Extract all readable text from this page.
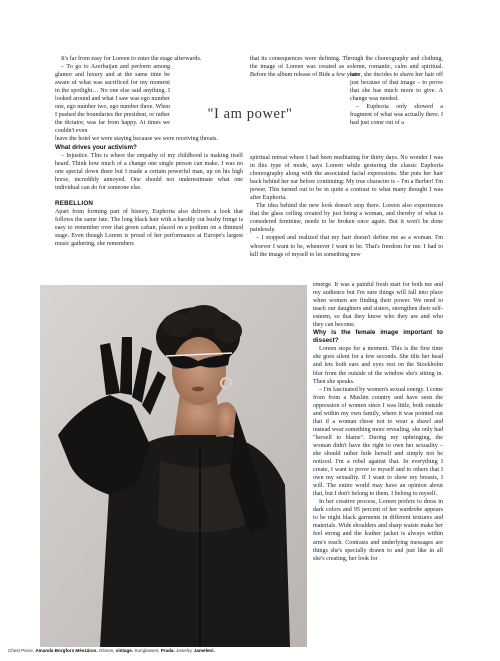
It's far from easy for Loreen to enter the stage afterwards.

– To go to Azerbaijan and perform among glamor and luxury and at the same time be aware of what was sacrificed for my moment in the spotlight… No one else said anything. I looked around and what I saw was ego number one, ego number two, ego number three. When I pushed the boundaries the president, or rather the dictator, was far from happy. At times we couldn't even

leave the hotel we were staying because we were receiving threats.

What drives your activism?

– Injustice. This is where the empathy of my childhood is making itself heard. Think how much of a change one single person can make. I was no one special down there but I made a certain powerful man, up on his high horse, incredibly annoyed. One should not underestimate what one individual can do for someone else.

REBELLION

Apart from forming part of history, Euphoria also delivers a look that follows the same fate. The long black hair with a harshly cut bushy fringe is easy to remember over that green caftan, placed on a podium on a dimmed stage. Even though Loreen is proud of her performance at Europe's largest music gathering, she remembers

"I am power"

that its consequences were defining. Through the choreography and clothing, the image of Loreen was created as solemn, romantic, calm and spiritual. Before the album release of Ride a few years

later, she decides to shave her hair off just because of that image – to prove that she has much more to give. A change was needed.

– Euphoria only showed a fragment of what was actually there. I had just come out of a

spiritual retreat where I had been meditating for thirty days. No wonder I was in this type of mode, says Loreen while gesturing the classic Euphoria choreography along with the associated facial expressions. She puts her hair back behind her ear before continuing: My true character is – I'm a Berber! I'm power. This turned out to be in quite a contrast to what many thought I was after Euphoria.

The idea behind the new look doesn't stop there. Loreen also experiences that the glass ceiling created by just being a woman, and thereby of what is considered feminine, needs to be broken once again. But it won't be done painlessly.

– I stopped and realized that my hair doesn't define me as a woman. I'm whoever I want to be, whenever I want to be. That's freedom for me. I had to kill the image of myself to let something new

emerge. It was a painful fresh start for both me and my audience but I'm sure things will fall into place when women are finding their power. We need to teach our daughters and sisters, strengthen their self-esteem, so that they know who they are and who they can become.

Why is the female image important to dissect?

Loreen stops for a moment. This is the first time she goes silent for a few seconds. She tilts her head and lets both ears and eyes rest on the Stockholm blur from the outside of the window she's sitting in. Then she speaks.

– I'm fascinated by women's sexual energy. I come from from a Muslim country and have seen the oppression of women since I was little, both outside and within my own family, where it was pointed out that if a woman chose not to wear a shawl and instead wear something more revealing, she only had "herself to blame". During my upbringing, the woman didn't have the right to own her sexuality – she should rather hide herself and simply not be noticed. I'm a rebel against that. In everything I create, I want to prove to myself and to others that I own my sexuality. If I want to show my breasts, I will. The entire world may have an opinion about that, but I don't belong to them. I belong to myself.

In her creative process, Loreen prefers to dress in dark colors and 95 percent of her wardrobe appears to be night black garments in different textures and materials. Wide shoulders and sharp waists make her feel strong and the leather jacket is always within arm's reach. Contrasts and underlying messages are things she's specially drawn to and just like in all she's creating, her look for

Chest Piece, Amanda Borgfors Mészáros. Gloves, vintage. Sunglasses, Prada. Jewelry, Jameleni.
